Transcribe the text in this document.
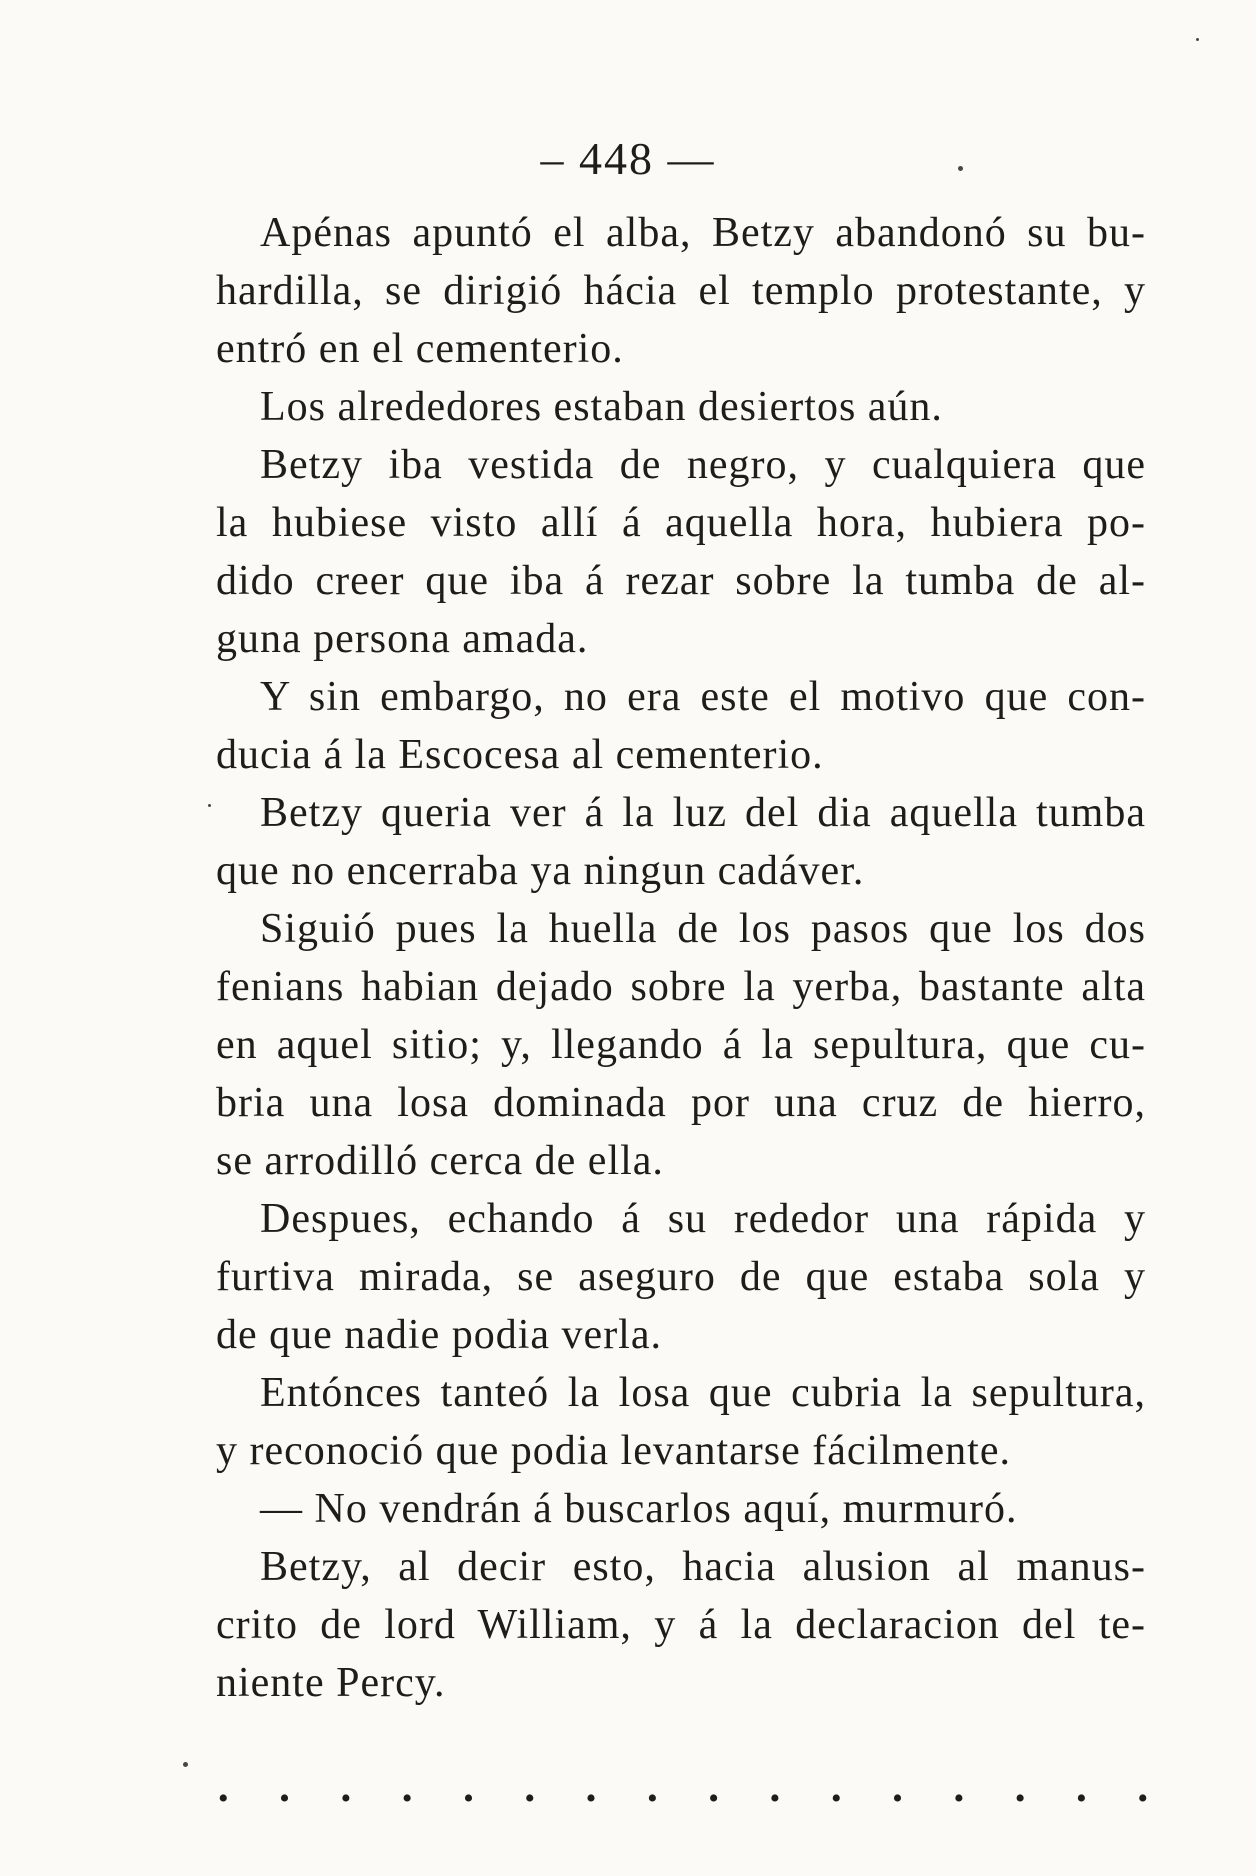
– 448 —
Apénas apuntó el alba, Betzy abandonó su bu-
hardilla, se dirigió hácia el templo protestante, y
entró en el cementerio.
Los alrededores estaban desiertos aún.
Betzy iba vestida de negro, y cualquiera que
la hubiese visto allí á aquella hora, hubiera po-
dido creer que iba á rezar sobre la tumba de al-
guna persona amada.
Y sin embargo, no era este el motivo que con-
ducia á la Escocesa al cementerio.
Betzy queria ver á la luz del dia aquella tumba
que no encerraba ya ningun cadáver.
Siguió pues la huella de los pasos que los dos
fenians habian dejado sobre la yerba, bastante alta
en aquel sitio; y, llegando á la sepultura, que cu-
bria una losa dominada por una cruz de hierro,
se arrodilló cerca de ella.
Despues, echando á su rededor una rápida y
furtiva mirada, se aseguro de que estaba sola y
de que nadie podia verla.
Entónces tanteó la losa que cubria la sepultura,
y reconoció que podia levantarse fácilmente.
— No vendrán á buscarlos aquí, murmuró.
Betzy, al decir esto, hacia alusion al manus-
crito de lord William, y á la declaracion del te-
niente Percy.
• • • • • • • • • • • • • • • •
